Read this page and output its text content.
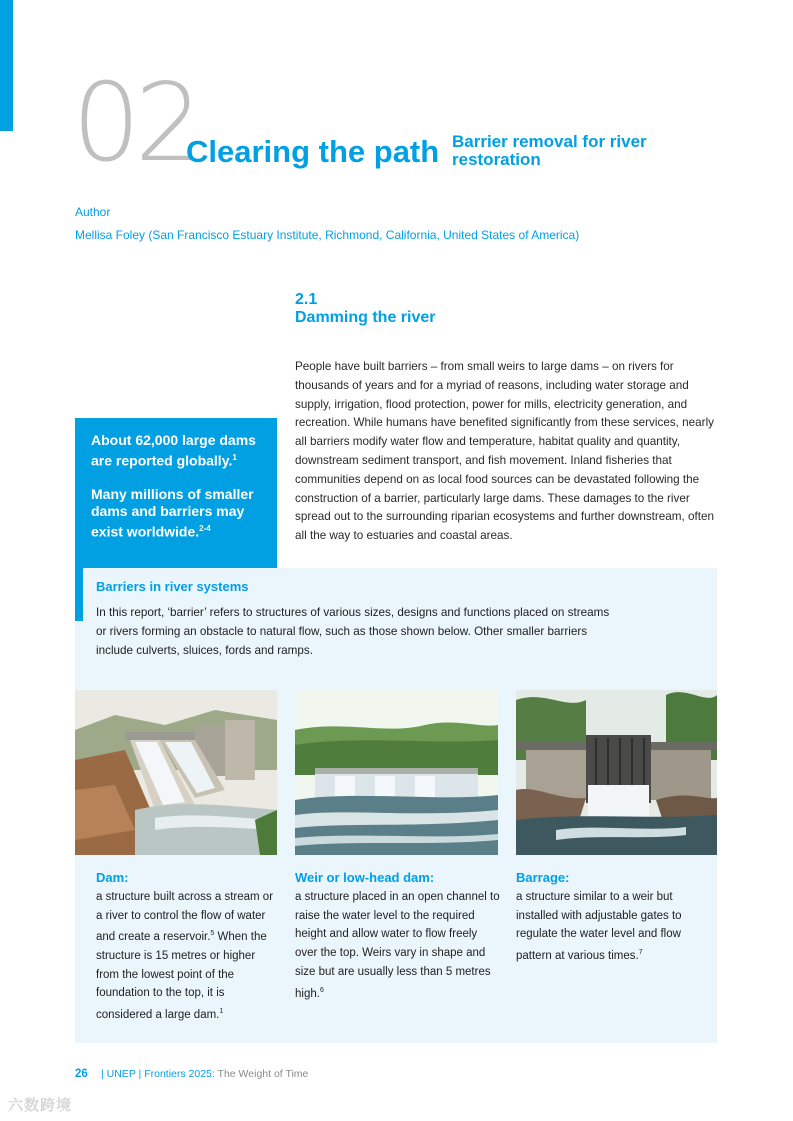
02
Clearing the path Barrier removal for river restoration
Author
Mellisa Foley (San Francisco Estuary Institute, Richmond, California, United States of America)
2.1
Damming the river

People have built barriers – from small weirs to large dams – on rivers for thousands of years and for a myriad of reasons, including water storage and supply, irrigation, flood protection, power for mills, electricity generation, and recreation. While humans have benefited significantly from these services, nearly all barriers modify water flow and temperature, habitat quality and quantity, downstream sediment transport, and fish movement. Inland fisheries that communities depend on as local food sources can be devastated following the construction of a barrier, particularly large dams. These damages to the river spread out to the surrounding riparian ecosystems and further downstream, often all the way to estuaries and coastal areas.

About 62,000 large dams are reported globally.$^1$

Many millions of smaller dams and barriers may exist worldwide.$^{2-4}$

Barriers in river systems

In this report, ‘barrier’ refers to structures of various sizes, designs and functions placed on streams or rivers forming an obstacle to natural flow, such as those shown below. Other smaller barriers include culverts, sluices, fords and ramps.

Dam:

a structure built across a stream or a river to control the flow of water and create a reservoir.$^5$ When the structure is 15 metres or higher from the lowest point of the foundation to the top, it is considered a large dam.$^1$

Weir or low-head dam:

a structure placed in an open channel to raise the water level to the required height and allow water to flow freely over the top. Weirs vary in shape and size but are usually less than 5 metres high.$^6$

Barrage:

a structure similar to a weir but installed with adjustable gates to regulate the water level and flow pattern at various times.$^7$

26 | UNEP | Frontiers 2025: The Weight of Time
六数跨境
